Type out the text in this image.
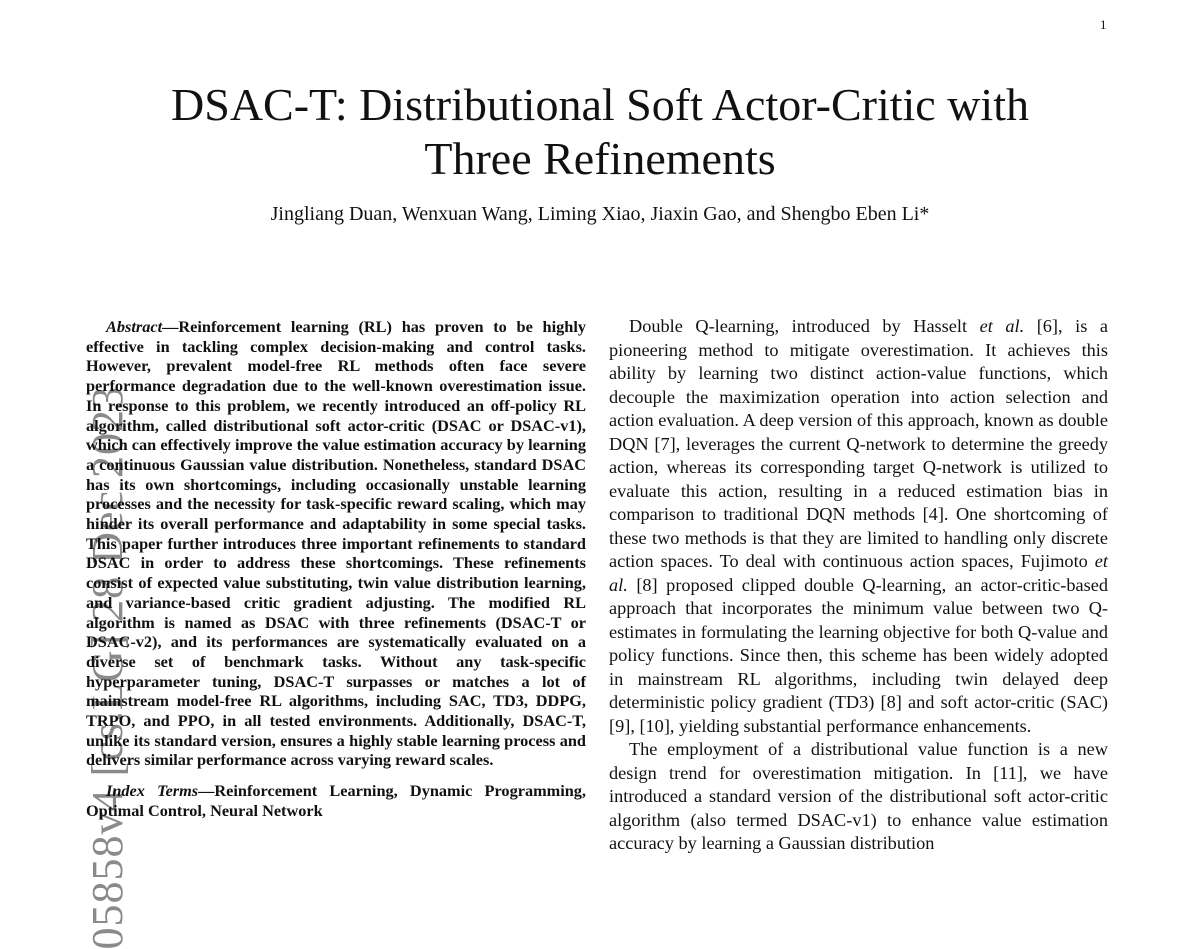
1
DSAC-T: Distributional Soft Actor-Critic with
Three Refinements
Jingliang Duan, Wenxuan Wang, Liming Xiao, Jiaxin Gao, and Shengbo Eben Li*
05858v4 [cs.LG] 28 Dec 2023

Abstract—Reinforcement learning (RL) has proven to be highly effective in tackling complex decision-making and control tasks. However, prevalent model-free RL methods often face severe performance degradation due to the well-known overestimation issue. In response to this problem, we recently introduced an off-policy RL algorithm, called distributional soft actor-critic (DSAC or DSAC-v1), which can effectively improve the value estimation accuracy by learning a continuous Gaussian value distribution. Nonetheless, standard DSAC has its own shortcomings, including occasionally unstable learning processes and the necessity for task-specific reward scaling, which may hinder its overall performance and adaptability in some special tasks. This paper further introduces three important refinements to standard DSAC in order to address these shortcomings. These refinements consist of expected value substituting, twin value distribution learning, and variance-based critic gradient adjusting. The modified RL algorithm is named as DSAC with three refinements (DSAC-T or DSAC-v2), and its performances are systematically evaluated on a diverse set of benchmark tasks. Without any task-specific hyperparameter tuning, DSAC-T surpasses or matches a lot of mainstream model-free RL algorithms, including SAC, TD3, DDPG, TRPO, and PPO, in all tested environments. Additionally, DSAC-T, unlike its standard version, ensures a highly stable learning process and delivers similar performance across varying reward scales.

Index Terms—Reinforcement Learning, Dynamic Programming, Optimal Control, Neural Network

Double Q-learning, introduced by Hasselt et al. [6], is a pioneering method to mitigate overestimation. It achieves this ability by learning two distinct action-value functions, which decouple the maximization operation into action selection and action evaluation. A deep version of this approach, known as double DQN [7], leverages the current Q-network to determine the greedy action, whereas its corresponding target Q-network is utilized to evaluate this action, resulting in a reduced estimation bias in comparison to traditional DQN methods [4]. One shortcoming of these two methods is that they are limited to handling only discrete action spaces. To deal with continuous action spaces, Fujimoto et al. [8] proposed clipped double Q-learning, an actor-critic-based approach that incorporates the minimum value between two Q-estimates in formulating the learning objective for both Q-value and policy functions. Since then, this scheme has been widely adopted in mainstream RL algorithms, including twin delayed deep deterministic policy gradient (TD3) [8] and soft actor-critic (SAC) [9], [10], yielding substantial performance enhancements.

The employment of a distributional value function is a new design trend for overestimation mitigation. In [11], we have introduced a standard version of the distributional soft actor-critic algorithm (also termed DSAC-v1) to enhance value estimation accuracy by learning a Gaussian distribution
